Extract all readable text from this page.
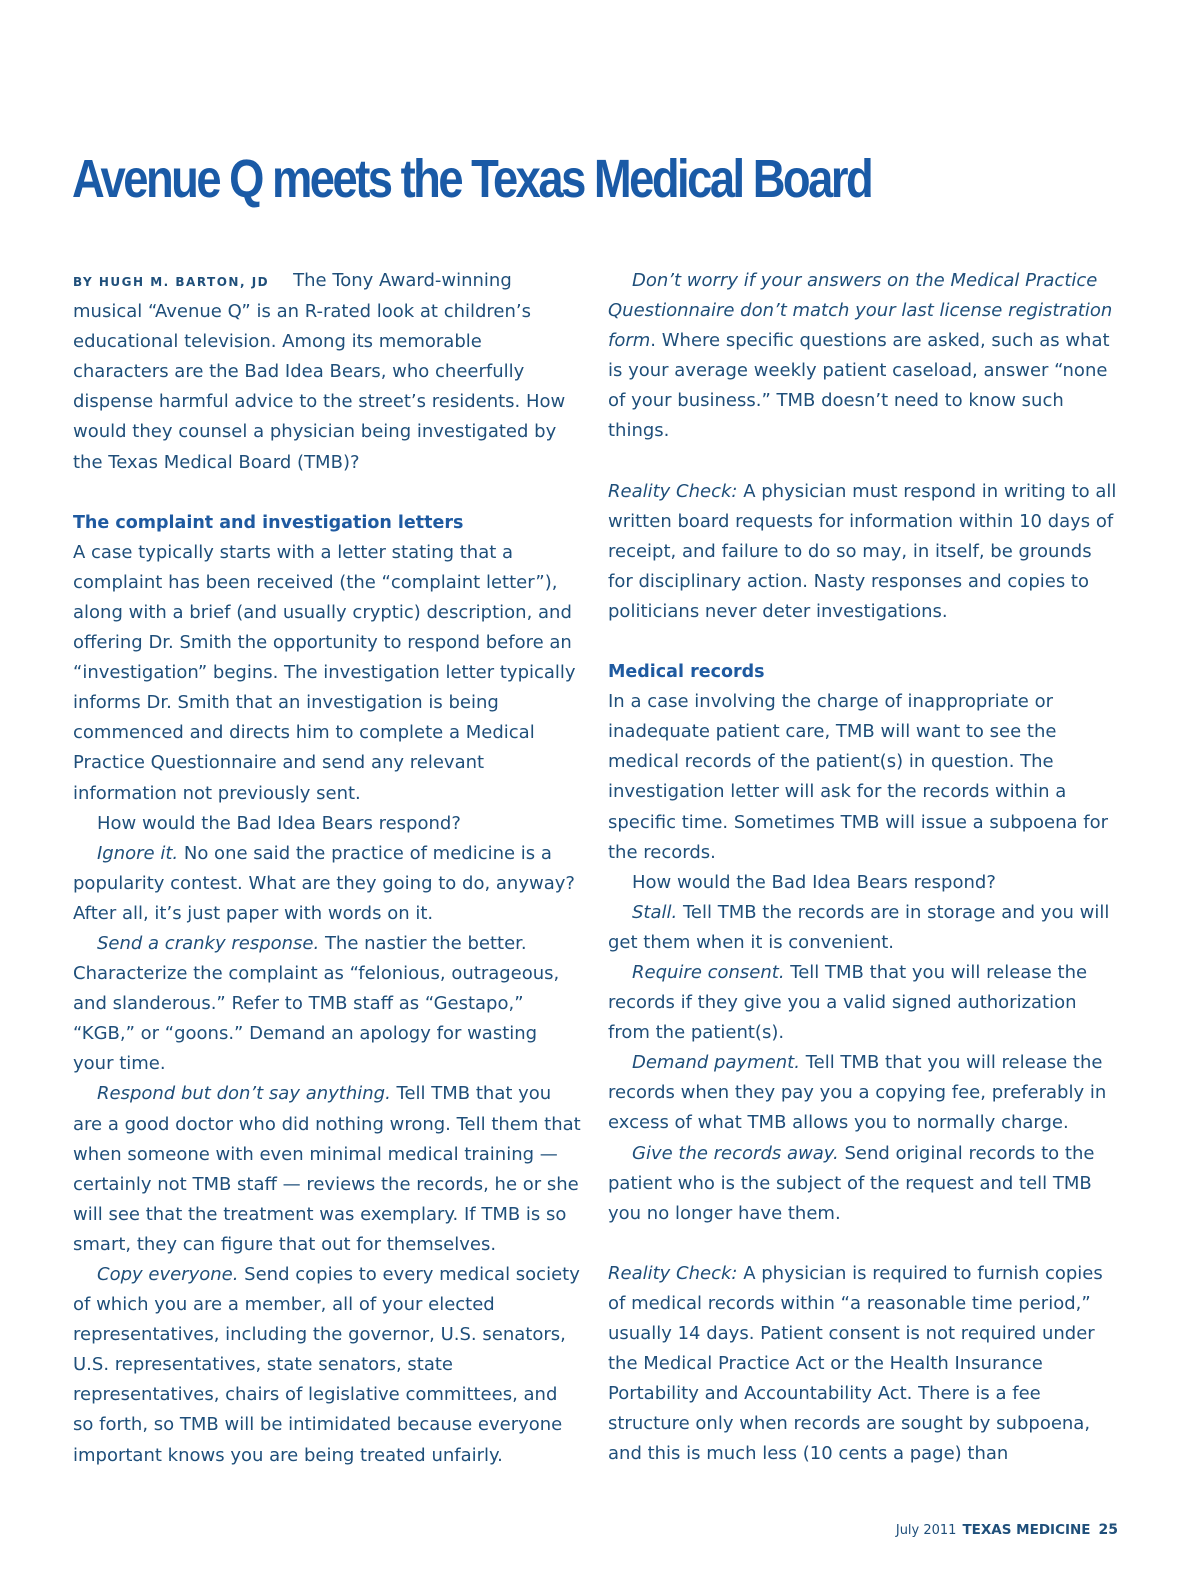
Avenue Q meets the Texas Medical Board

BY HUGH M. BARTON, JD The Tony Award-winning musical “Avenue Q” is an R-rated look at children’s educational television. Among its memorable characters are the Bad Idea Bears, who cheerfully dispense harmful advice to the street’s residents. How would they counsel a physician being investigated by the Texas Medical Board (TMB)?

The complaint and investigation letters

A case typically starts with a letter stating that a complaint has been received (the “complaint letter”), along with a brief (and usually cryptic) description, and offering Dr. Smith the opportunity to respond before an “investigation” begins. The investigation letter typically informs Dr. Smith that an investigation is being commenced and directs him to complete a Medical Practice Questionnaire and send any relevant information not previously sent.

How would the Bad Idea Bears respond?

Ignore it. No one said the practice of medicine is a popularity contest. What are they going to do, anyway? After all, it’s just paper with words on it.

Send a cranky response. The nastier the better. Characterize the complaint as “felonious, outrageous, and slanderous.” Refer to TMB staff as “Gestapo,” “KGB,” or “goons.” Demand an apology for wasting your time.

Respond but don’t say anything. Tell TMB that you are a good doctor who did nothing wrong. Tell them that when someone with even minimal medical training — certainly not TMB staff — reviews the records, he or she will see that the treatment was exemplary. If TMB is so smart, they can figure that out for themselves.

Copy everyone. Send copies to every medical society of which you are a member, all of your elected representatives, including the governor, U.S. senators, U.S. representatives, state senators, state representatives, chairs of legislative committees, and so forth, so TMB will be intimidated because everyone important knows you are being treated unfairly.

Don’t worry if your answers on the Medical Practice Questionnaire don’t match your last license registration form. Where specific questions are asked, such as what is your average weekly patient caseload, answer “none of your business.” TMB doesn’t need to know such things.

Reality Check: A physician must respond in writing to all written board requests for information within 10 days of receipt, and failure to do so may, in itself, be grounds for disciplinary action. Nasty responses and copies to politicians never deter investigations.

Medical records

In a case involving the charge of inappropriate or inadequate patient care, TMB will want to see the medical records of the patient(s) in question. The investigation letter will ask for the records within a specific time. Sometimes TMB will issue a subpoena for the records.

How would the Bad Idea Bears respond?

Stall. Tell TMB the records are in storage and you will get them when it is convenient.

Require consent. Tell TMB that you will release the records if they give you a valid signed authorization from the patient(s).

Demand payment. Tell TMB that you will release the records when they pay you a copying fee, preferably in excess of what TMB allows you to normally charge.

Give the records away. Send original records to the patient who is the subject of the request and tell TMB you no longer have them.

Reality Check: A physician is required to furnish copies of medical records within “a reasonable time period,” usually 14 days. Patient consent is not required under the Medical Practice Act or the Health Insurance Portability and Accountability Act. There is a fee structure only when records are sought by subpoena, and this is much less (10 cents a page) than

July 2011 TEXAS MEDICINE 25
